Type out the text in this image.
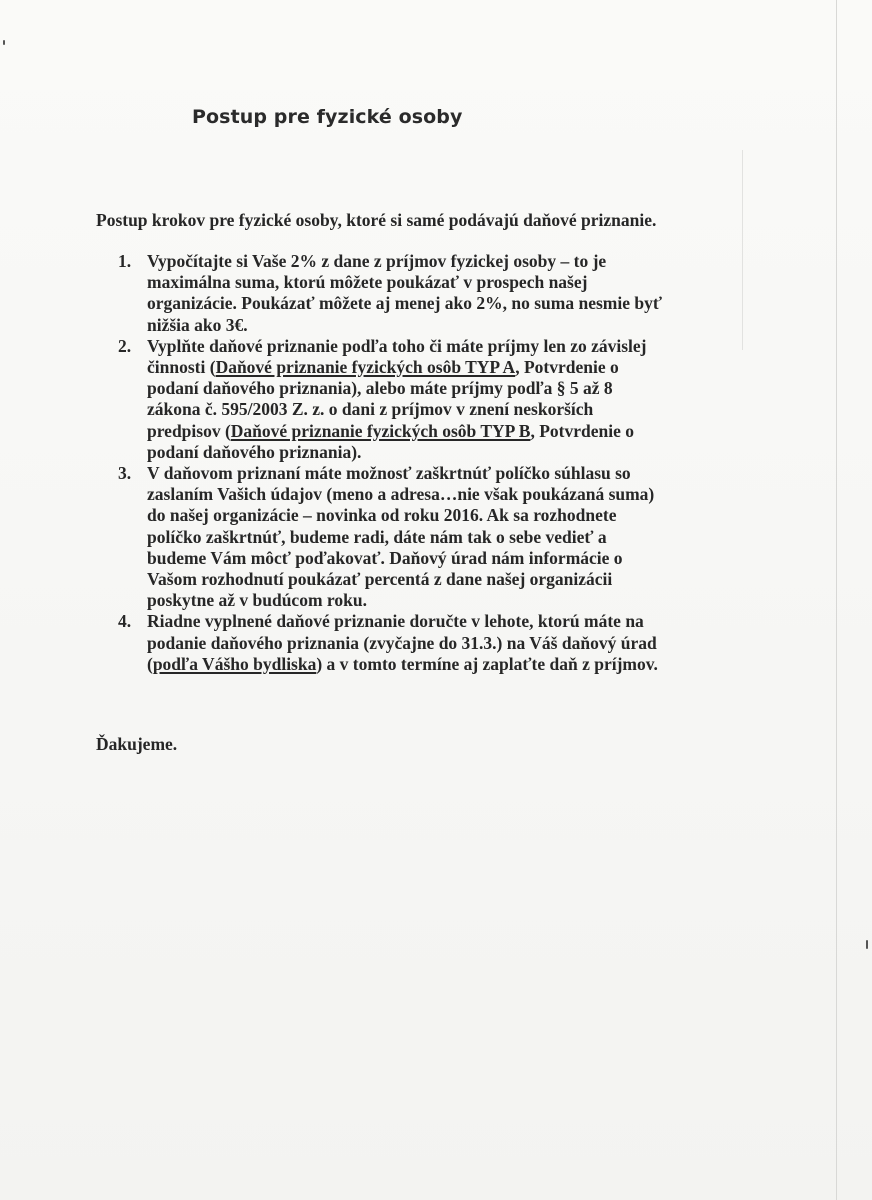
Postup pre fyzické osoby

Postup krokov pre fyzické osoby, ktoré si samé podávajú daňové priznanie.

1. Vypočítajte si Vaše 2% z dane z príjmov fyzickej osoby – to je
maximálna suma, ktorú môžete poukázať v prospech našej
organizácie. Poukázať môžete aj menej ako 2%, no suma nesmie byť
nižšia ako 3€.
2. Vyplňte daňové priznanie podľa toho či máte príjmy len zo závislej
činnosti (Daňové priznanie fyzických osôb TYP A, Potvrdenie o
podaní daňového priznania), alebo máte príjmy podľa § 5 až 8
zákona č. 595/2003 Z. z. o dani z príjmov v znení neskorších
predpisov (Daňové priznanie fyzických osôb TYP B, Potvrdenie o
podaní daňového priznania).
3. V daňovom priznaní máte možnosť zaškrtnúť políčko súhlasu so
zaslaním Vašich údajov (meno a adresa…nie však poukázaná suma)
do našej organizácie – novinka od roku 2016. Ak sa rozhodnete
políčko zaškrtnúť, budeme radi, dáte nám tak o sebe vedieť a
budeme Vám môcť poďakovať. Daňový úrad nám informácie o
Vašom rozhodnutí poukázať percentá z dane našej organizácii
poskytne až v budúcom roku.
4. Riadne vyplnené daňové priznanie doručte v lehote, ktorú máte na
podanie daňového priznania (zvyčajne do 31.3.) na Váš daňový úrad
(podľa Vášho bydliska) a v tomto termíne aj zaplaťte daň z príjmov.

Ďakujeme.
